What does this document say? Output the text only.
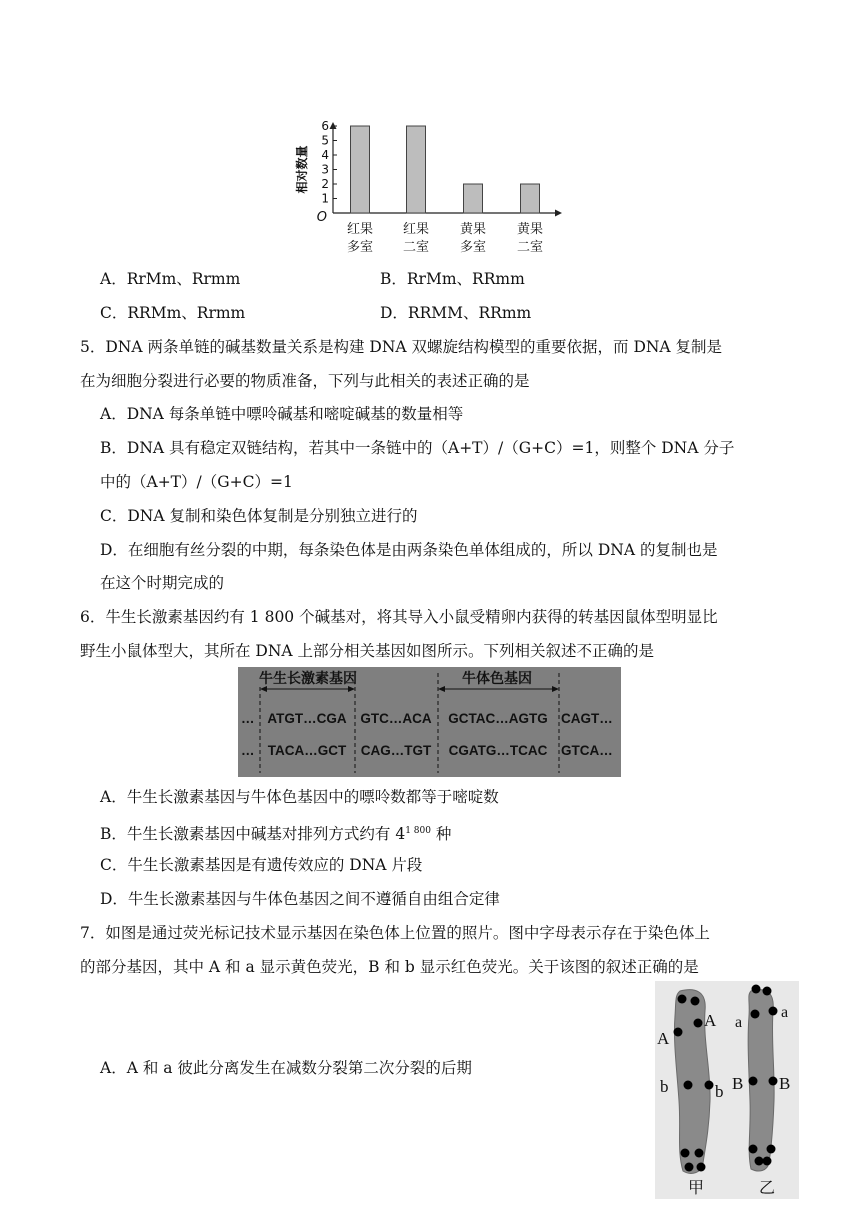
1
2
3
4
5
6
O
相对数量
红果
多室
红果
二室
黄果
多室
黄果
二室
A．RrMm、Rrmm	B．RrMm、RRmm
C．RRMm、Rrmm	D．RRMM、RRmm
5．DNA 两条单链的碱基数量关系是构建 DNA 双螺旋结构模型的重要依据，而 DNA 复制是
在为细胞分裂进行必要的物质准备，下列与此相关的表述正确的是
A．DNA 每条单链中嘌呤碱基和嘧啶碱基的数量相等
B．DNA 具有稳定双链结构，若其中一条链中的（A+T）/（G+C）=1，则整个 DNA 分子
中的（A+T）/（G+C）=1
C．DNA 复制和染色体复制是分别独立进行的
D．在细胞有丝分裂的中期，每条染色体是由两条染色单体组成的，所以 DNA 的复制也是
在这个时期完成的
6．牛生长激素基因约有 1 800 个碱基对，将其导入小鼠受精卵内获得的转基因鼠体型明显比
野生小鼠体型大，其所在 DNA 上部分相关基因如图所示。下列相关叙述不正确的是
牛生长激素基因	牛体色基因
… ATGT…CGA GTC…ACA GCTAC…AGTG CAGT…
… TACA…GCT CAG…TGT CGATG…TCAC GTCA…
A．牛生长激素基因与牛体色基因中的嘌呤数都等于嘧啶数
B．牛生长激素基因中碱基对排列方式约有 $4^{1 800}$ 种
C．牛生长激素基因是有遗传效应的 DNA 片段
D．牛生长激素基因与牛体色基因之间不遵循自由组合定律
7．如图是通过荧光标记技术显示基因在染色体上位置的照片。图中字母表示存在于染色体上
的部分基因，其中 A 和 a 显示黄色荧光，B 和 b 显示红色荧光。关于该图的叙述正确的是
A．A 和 a 彼此分离发生在减数分裂第二次分裂的后期
A
A
b	b
甲
a
a
B B
乙
